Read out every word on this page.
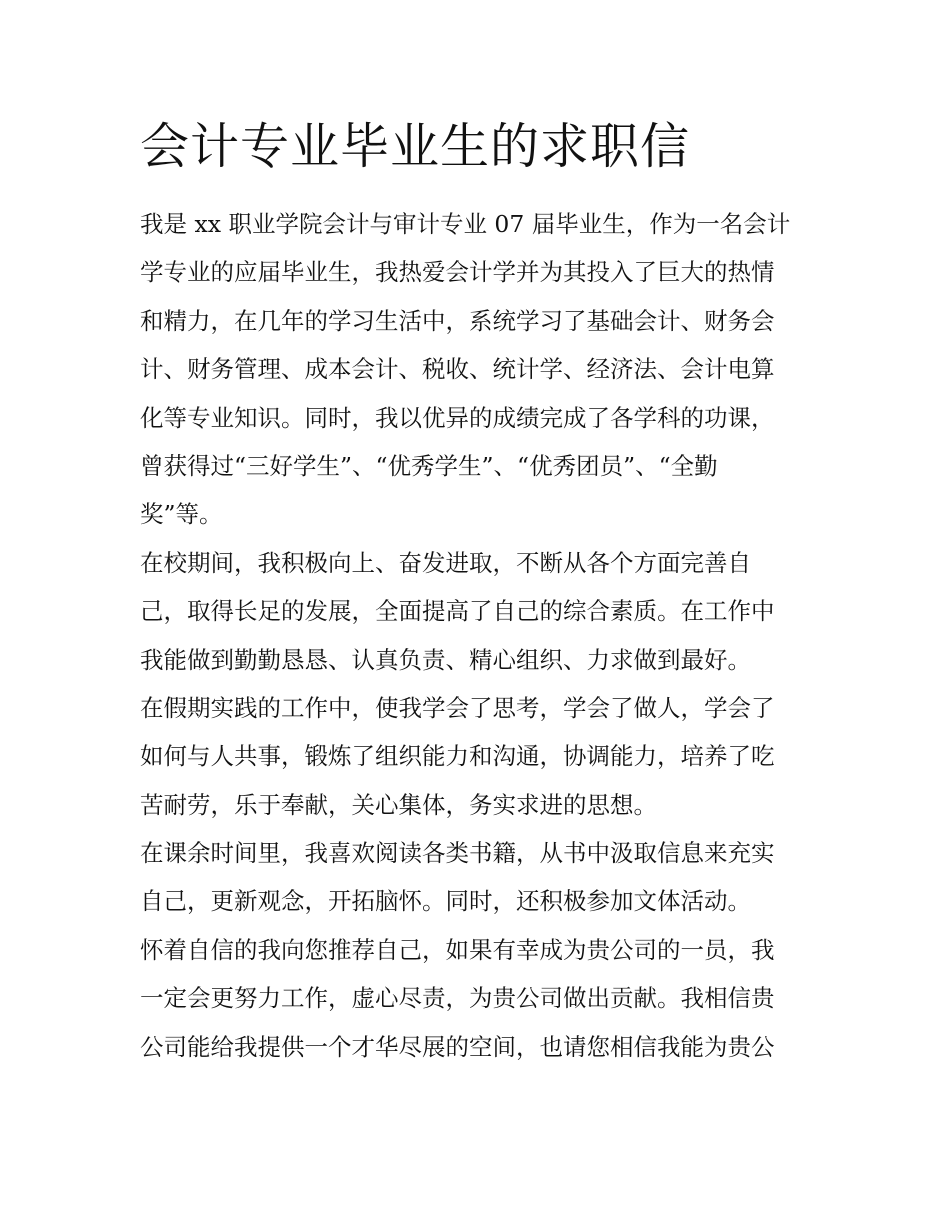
会计专业毕业生的求职信
我是 xx 职业学院会计与审计专业 07 届毕业生，作为一名会计
学专业的应届毕业生，我热爱会计学并为其投入了巨大的热情
和精力，在几年的学习生活中，系统学习了基础会计、财务会
计、财务管理、成本会计、税收、统计学、经济法、会计电算
化等专业知识。同时，我以优异的成绩完成了各学科的功课，
曾获得过“三好学生”、“优秀学生”、“优秀团员”、“全勤
奖”等。
在校期间，我积极向上、奋发进取，不断从各个方面完善自
己，取得长足的发展，全面提高了自己的综合素质。在工作中
我能做到勤勤恳恳、认真负责、精心组织、力求做到最好。
在假期实践的工作中，使我学会了思考，学会了做人，学会了
如何与人共事，锻炼了组织能力和沟通，协调能力，培养了吃
苦耐劳，乐于奉献，关心集体，务实求进的思想。
在课余时间里，我喜欢阅读各类书籍，从书中汲取信息来充实
自己，更新观念，开拓脑怀。同时，还积极参加文体活动。
怀着自信的我向您推荐自己，如果有幸成为贵公司的一员，我
一定会更努力工作，虚心尽责，为贵公司做出贡献。我相信贵
公司能给我提供一个才华尽展的空间，也请您相信我能为贵公
